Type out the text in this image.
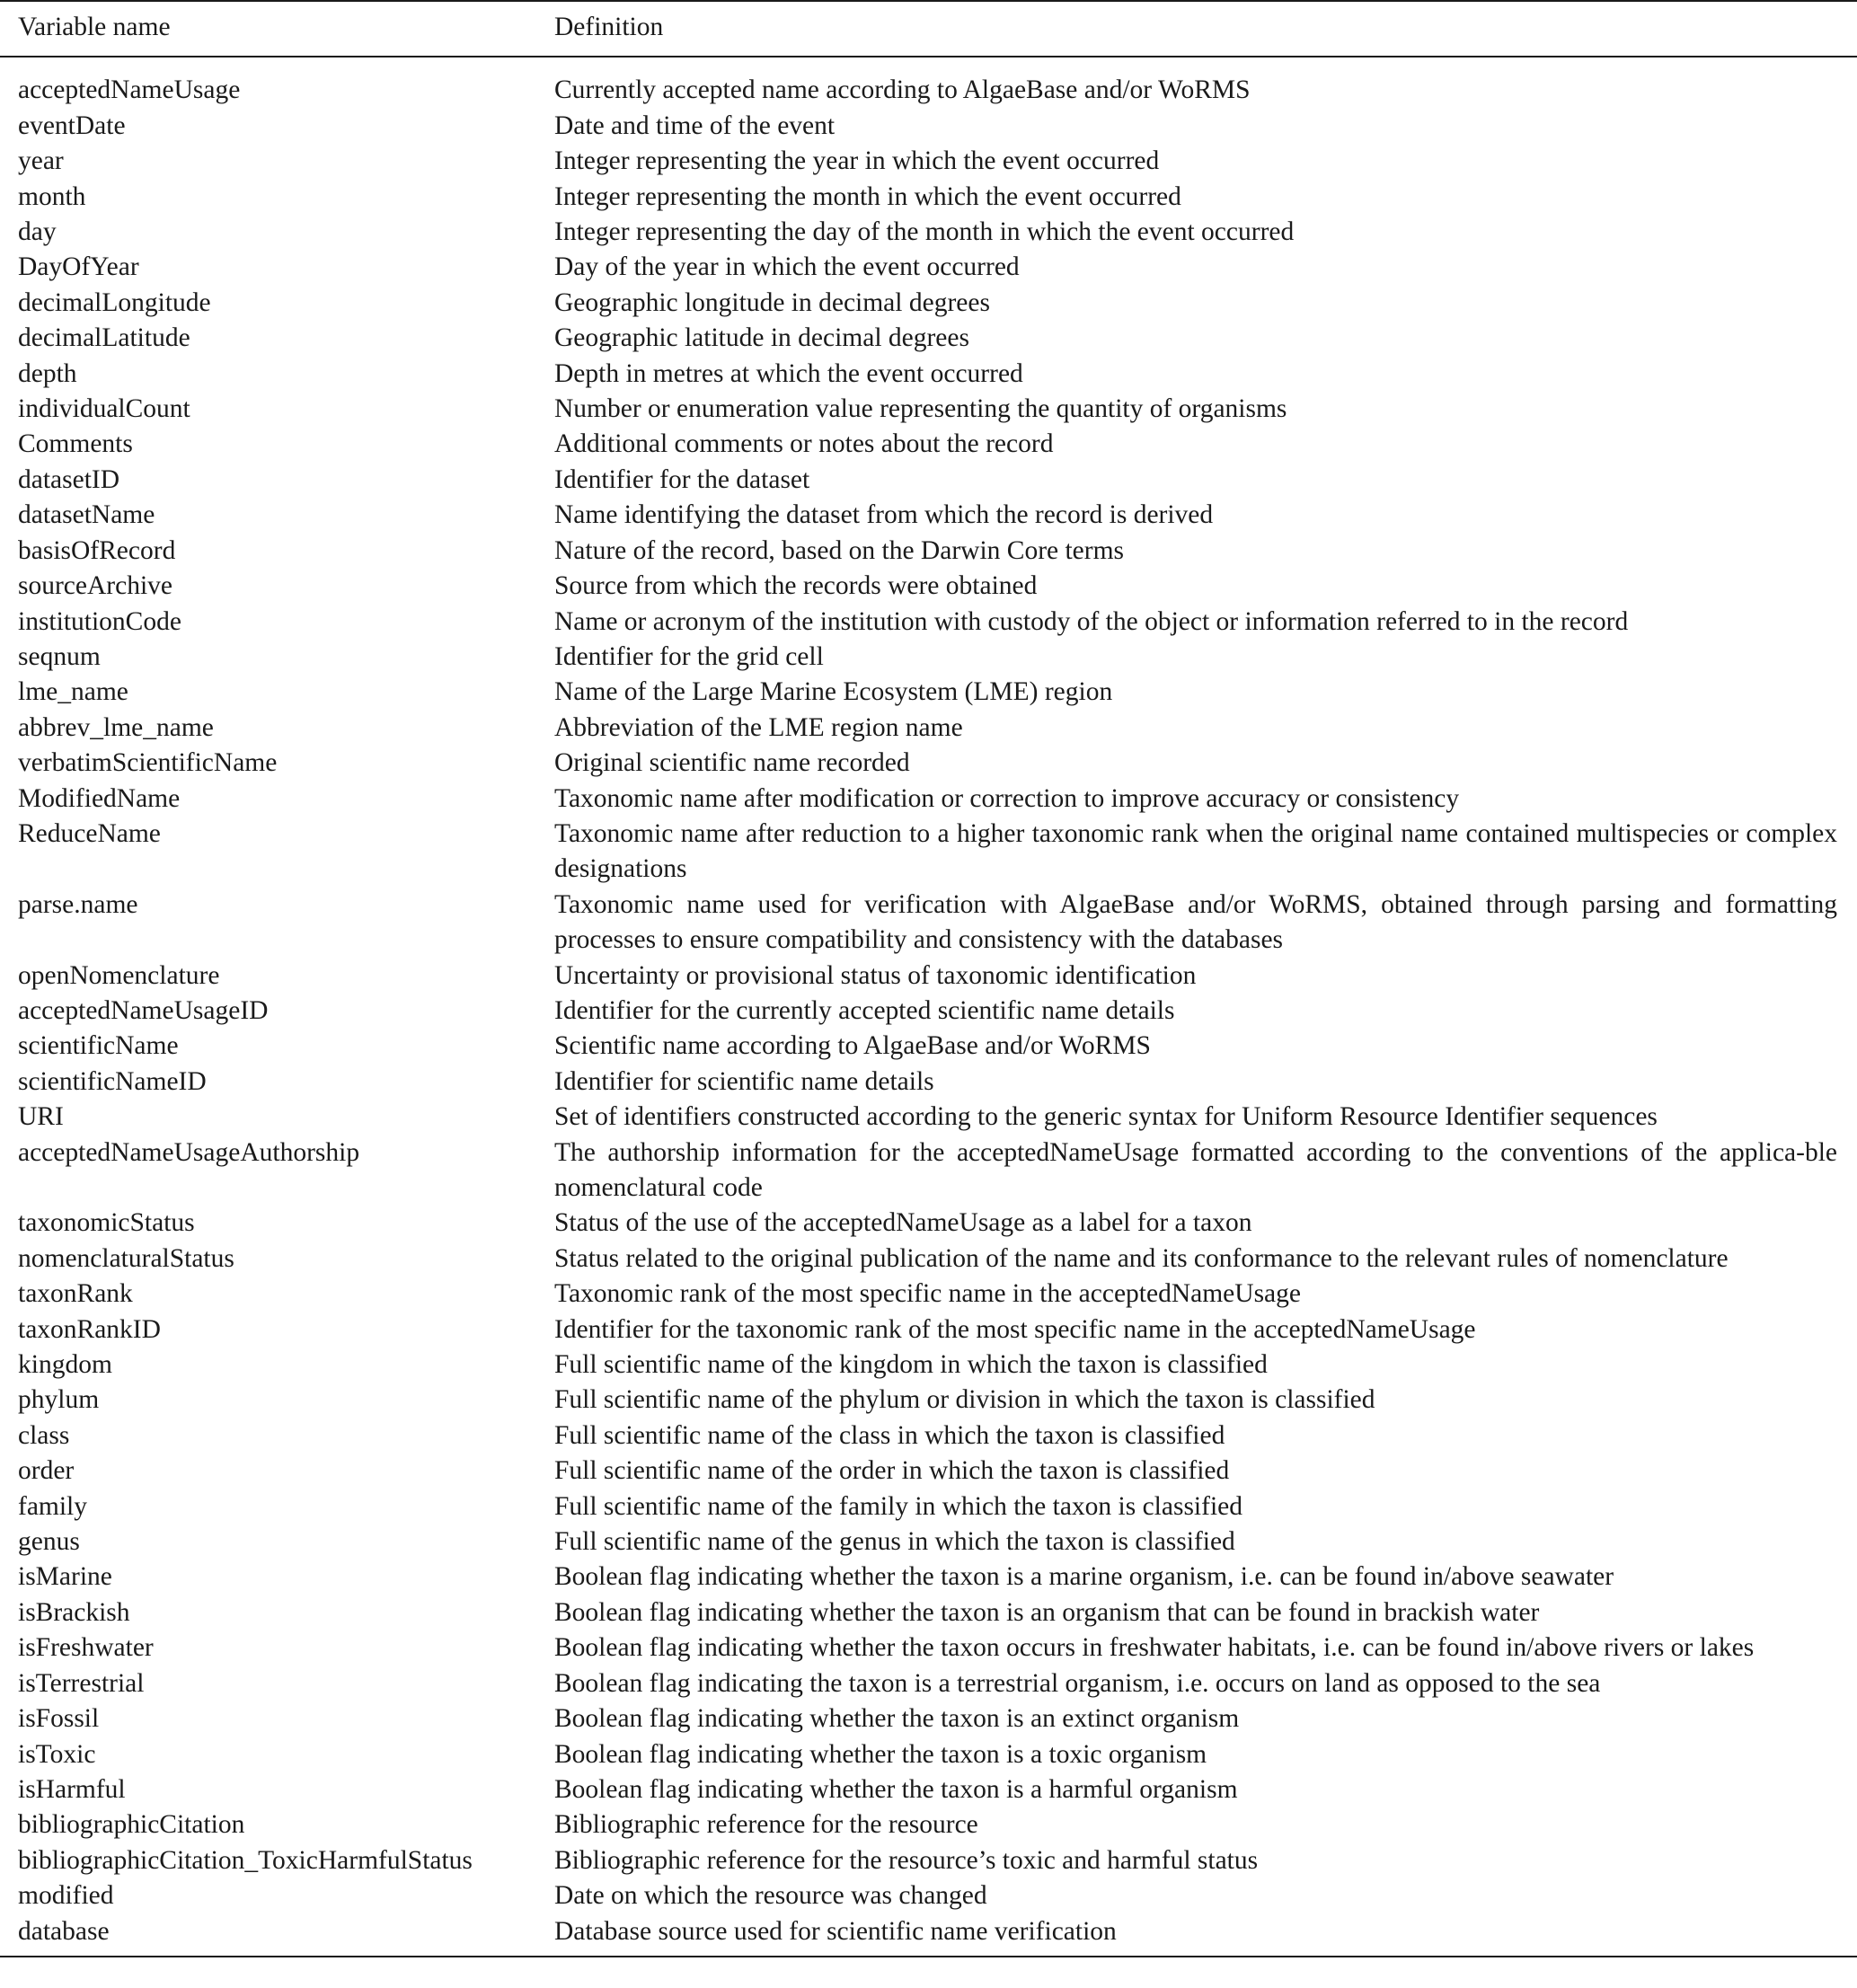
Variable name	Definition
acceptedNameUsage	Currently accepted name according to AlgaeBase and/or WoRMS
eventDate	Date and time of the event
year	Integer representing the year in which the event occurred
month	Integer representing the month in which the event occurred
day	Integer representing the day of the month in which the event occurred
DayOfYear	Day of the year in which the event occurred
decimalLongitude	Geographic longitude in decimal degrees
decimalLatitude	Geographic latitude in decimal degrees
depth	Depth in metres at which the event occurred
individualCount	Number or enumeration value representing the quantity of organisms
Comments	Additional comments or notes about the record
datasetID	Identifier for the dataset
datasetName	Name identifying the dataset from which the record is derived
basisOfRecord	Nature of the record, based on the Darwin Core terms
sourceArchive	Source from which the records were obtained
institutionCode	Name or acronym of the institution with custody of the object or information referred to in the record
seqnum	Identifier for the grid cell
lme_name	Name of the Large Marine Ecosystem (LME) region
abbrev_lme_name	Abbreviation of the LME region name
verbatimScientificName	Original scientific name recorded
ModifiedName	Taxonomic name after modification or correction to improve accuracy or consistency
ReduceName	Taxonomic name after reduction to a higher taxonomic rank when the original name contained multispecies or complex designations
parse.name	Taxonomic name used for verification with AlgaeBase and/or WoRMS, obtained through parsing and formatting processes to ensure compatibility and consistency with the databases
openNomenclature	Uncertainty or provisional status of taxonomic identification
acceptedNameUsageID	Identifier for the currently accepted scientific name details
scientificName	Scientific name according to AlgaeBase and/or WoRMS
scientificNameID	Identifier for scientific name details
URI	Set of identifiers constructed according to the generic syntax for Uniform Resource Identifier sequences
acceptedNameUsageAuthorship	The authorship information for the acceptedNameUsage formatted according to the conventions of the applica-ble nomenclatural code
taxonomicStatus	Status of the use of the acceptedNameUsage as a label for a taxon
nomenclaturalStatus	Status related to the original publication of the name and its conformance to the relevant rules of nomenclature
taxonRank	Taxonomic rank of the most specific name in the acceptedNameUsage
taxonRankID	Identifier for the taxonomic rank of the most specific name in the acceptedNameUsage
kingdom	Full scientific name of the kingdom in which the taxon is classified
phylum	Full scientific name of the phylum or division in which the taxon is classified
class	Full scientific name of the class in which the taxon is classified
order	Full scientific name of the order in which the taxon is classified
family	Full scientific name of the family in which the taxon is classified
genus	Full scientific name of the genus in which the taxon is classified
isMarine	Boolean flag indicating whether the taxon is a marine organism, i.e. can be found in/above seawater
isBrackish	Boolean flag indicating whether the taxon is an organism that can be found in brackish water
isFreshwater	Boolean flag indicating whether the taxon occurs in freshwater habitats, i.e. can be found in/above rivers or lakes
isTerrestrial	Boolean flag indicating the taxon is a terrestrial organism, i.e. occurs on land as opposed to the sea
isFossil	Boolean flag indicating whether the taxon is an extinct organism
isToxic	Boolean flag indicating whether the taxon is a toxic organism
isHarmful	Boolean flag indicating whether the taxon is a harmful organism
bibliographicCitation	Bibliographic reference for the resource
bibliographicCitation_ToxicHarmfulStatus	Bibliographic reference for the resource’s toxic and harmful status
modified	Date on which the resource was changed
database	Database source used for scientific name verification
